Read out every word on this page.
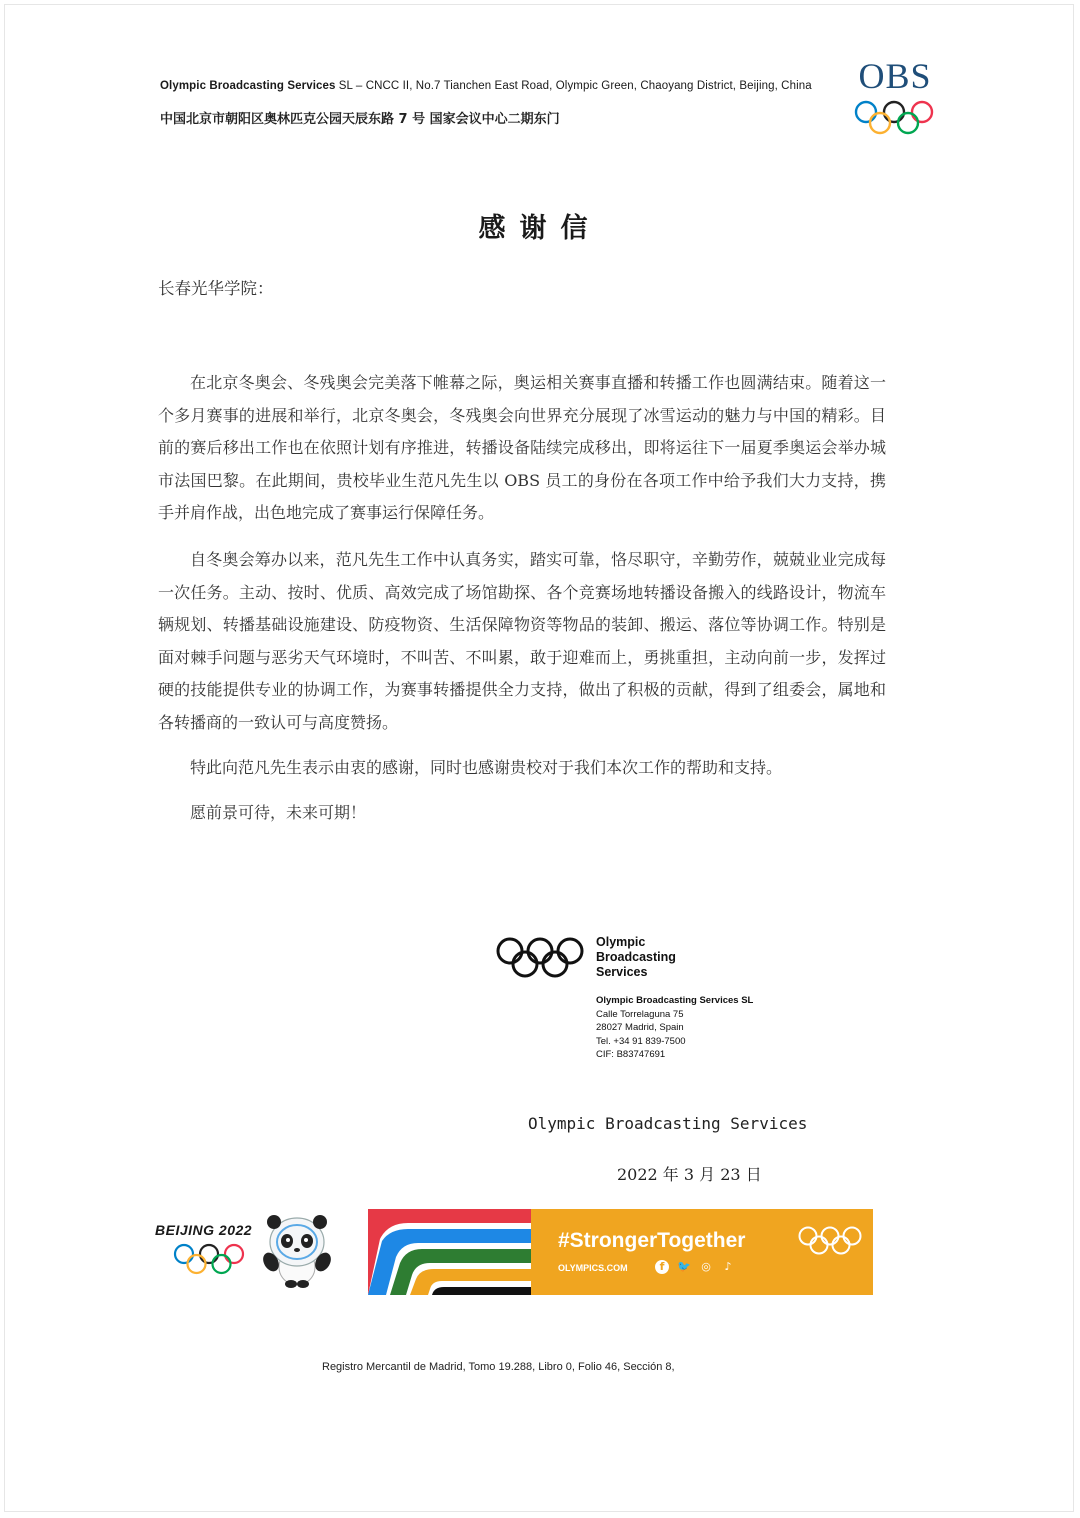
Olympic Broadcasting Services SL – CNCC II, No.7 Tianchen East Road, Olympic Green, Chaoyang District, Beijing, China
中国北京市朝阳区奥林匹克公园天辰东路 7 号 国家会议中心二期东门
OBS
感谢信
长春光华学院：

在北京冬奥会、冬残奥会完美落下帷幕之际，奥运相关赛事直播和转播工作也圆满结束。随着这一个多月赛事的进展和举行，北京冬奥会，冬残奥会向世界充分展现了冰雪运动的魅力与中国的精彩。目前的赛后移出工作也在依照计划有序推进，转播设备陆续完成移出，即将运往下一届夏季奥运会举办城市法国巴黎。在此期间，贵校毕业生范凡先生以 OBS 员工的身份在各项工作中给予我们大力支持，携手并肩作战，出色地完成了赛事运行保障任务。

自冬奥会筹办以来，范凡先生工作中认真务实，踏实可靠，恪尽职守，辛勤劳作，兢兢业业完成每一次任务。主动、按时、优质、高效完成了场馆勘探、各个竞赛场地转播设备搬入的线路设计，物流车辆规划、转播基础设施建设、防疫物资、生活保障物资等物品的装卸、搬运、落位等协调工作。特别是面对棘手问题与恶劣天气环境时，不叫苦、不叫累，敢于迎难而上，勇挑重担，主动向前一步，发挥过硬的技能提供专业的协调工作，为赛事转播提供全力支持，做出了积极的贡献，得到了组委会，属地和各转播商的一致认可与高度赞扬。

特此向范凡先生表示由衷的感谢，同时也感谢贵校对于我们本次工作的帮助和支持。

愿前景可待，未来可期！

Olympic
Broadcasting
Services
Olympic Broadcasting Services SL
Calle Torrelaguna 75
28027 Madrid, Spain
Tel. +34 91 839-7500
CIF: B83747691
Olympic Broadcasting Services
2022 年 3 月 23 日
BEIJING 2022	#StrongerTogether
OLYMPICS.COM	f	🐦 ◎	♪
Registro Mercantil de Madrid, Tomo 19.288, Libro 0, Folio 46, Sección 8,
